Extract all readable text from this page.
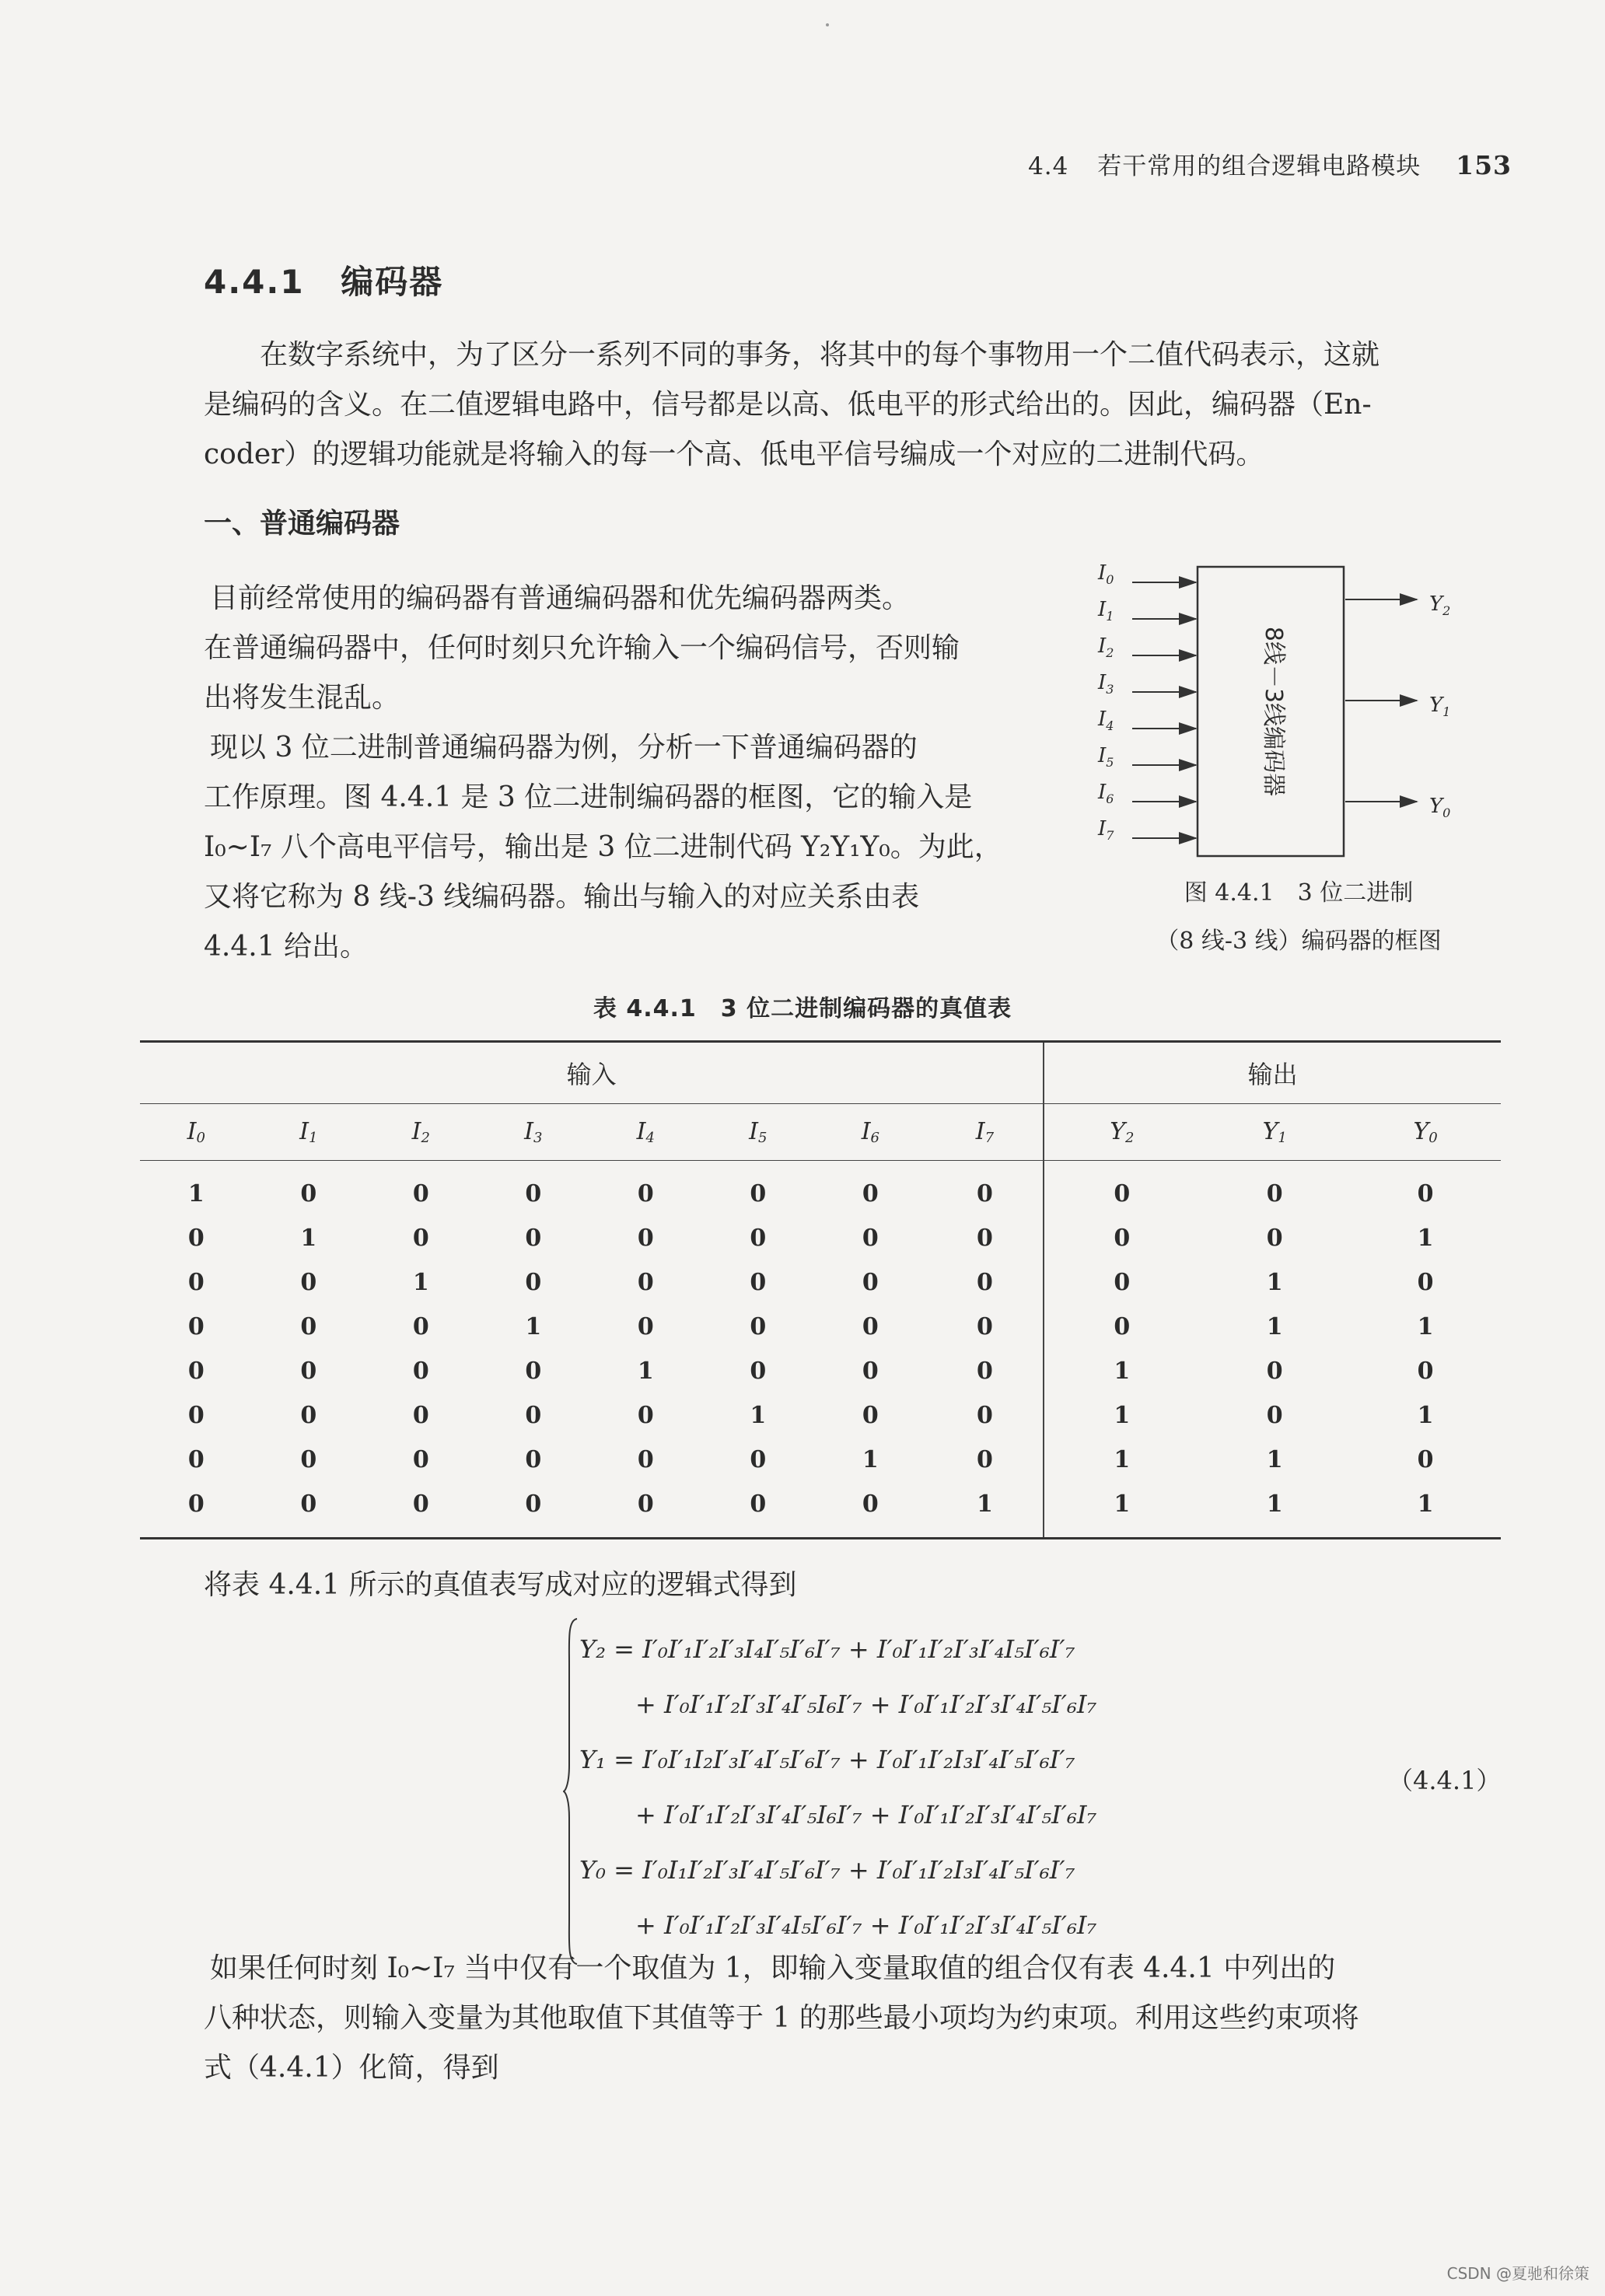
4.4 若干常用的组合逻辑电路模块 153
4.4.1 编码器

在数字系统中，为了区分一系列不同的事务，将其中的每个事物用一个二值代码表示，这就

是编码的含义。在二值逻辑电路中，信号都是以高、低电平的形式给出的。因此，编码器（En-

coder）的逻辑功能就是将输入的每一个高、低电平信号编成一个对应的二进制代码。

一、普通编码器

目前经常使用的编码器有普通编码器和优先编码器两类。

在普通编码器中，任何时刻只允许输入一个编码信号，否则输

出将发生混乱。

现以 3 位二进制普通编码器为例，分析一下普通编码器的

工作原理。图 4.4.1 是 3 位二进制编码器的框图，它的输入是

I₀~I₇ 八个高电平信号，输出是 3 位二进制代码 Y₂Y₁Y₀。为此，

又将它称为 8 线-3 线编码器。输出与输入的对应关系由表

4.4.1 给出。

8线－3线编码器
$I_0$
$I_1$
$I_2$
$I_3$
$I_4$
$I_5$
$I_6$
$I_7$
$Y_2$
$Y_1$
$Y_0$
图 4.4.1　3 位二进制
（8 线-3 线）编码器的框图
表 4.4.1　3 位二进制编码器的真值表
输入								输出		
$I_0$	$I_1$	$I_2$	$I_3$	$I_4$	$I_5$	$I_6$	$I_7$	$Y_2$	$Y_1$	$Y_0$
1	0	0	0	0	0	0	0	0	0	0
0	1	0	0	0	0	0	0	0	0	1
0	0	1	0	0	0	0	0	0	1	0
0	0	0	1	0	0	0	0	0	1	1
0	0	0	0	1	0	0	0	1	0	0
0	0	0	0	0	1	0	0	1	0	1
0	0	0	0	0	0	1	0	1	1	0
0	0	0	0	0	0	0	1	1	1	1
将表 4.4.1 所示的真值表写成对应的逻辑式得到
Y₂ = I′₀I′₁I′₂I′₃I₄I′₅I′₆I′₇ + I′₀I′₁I′₂I′₃I′₄I₅I′₆I′₇
+ I′₀I′₁I′₂I′₃I′₄I′₅I₆I′₇ + I′₀I′₁I′₂I′₃I′₄I′₅I′₆I₇
Y₁ = I′₀I′₁I₂I′₃I′₄I′₅I′₆I′₇ + I′₀I′₁I′₂I₃I′₄I′₅I′₆I′₇
+ I′₀I′₁I′₂I′₃I′₄I′₅I₆I′₇ + I′₀I′₁I′₂I′₃I′₄I′₅I′₆I₇
Y₀ = I′₀I₁I′₂I′₃I′₄I′₅I′₆I′₇ + I′₀I′₁I′₂I₃I′₄I′₅I′₆I′₇
+ I′₀I′₁I′₂I′₃I′₄I₅I′₆I′₇ + I′₀I′₁I′₂I′₃I′₄I′₅I′₆I₇
（4.4.1）

如果任何时刻 I₀~I₇ 当中仅有一个取值为 1，即输入变量取值的组合仅有表 4.4.1 中列出的

八种状态，则输入变量为其他取值下其值等于 1 的那些最小项均为约束项。利用这些约束项将

式（4.4.1）化简，得到

CSDN @夏驰和徐策
